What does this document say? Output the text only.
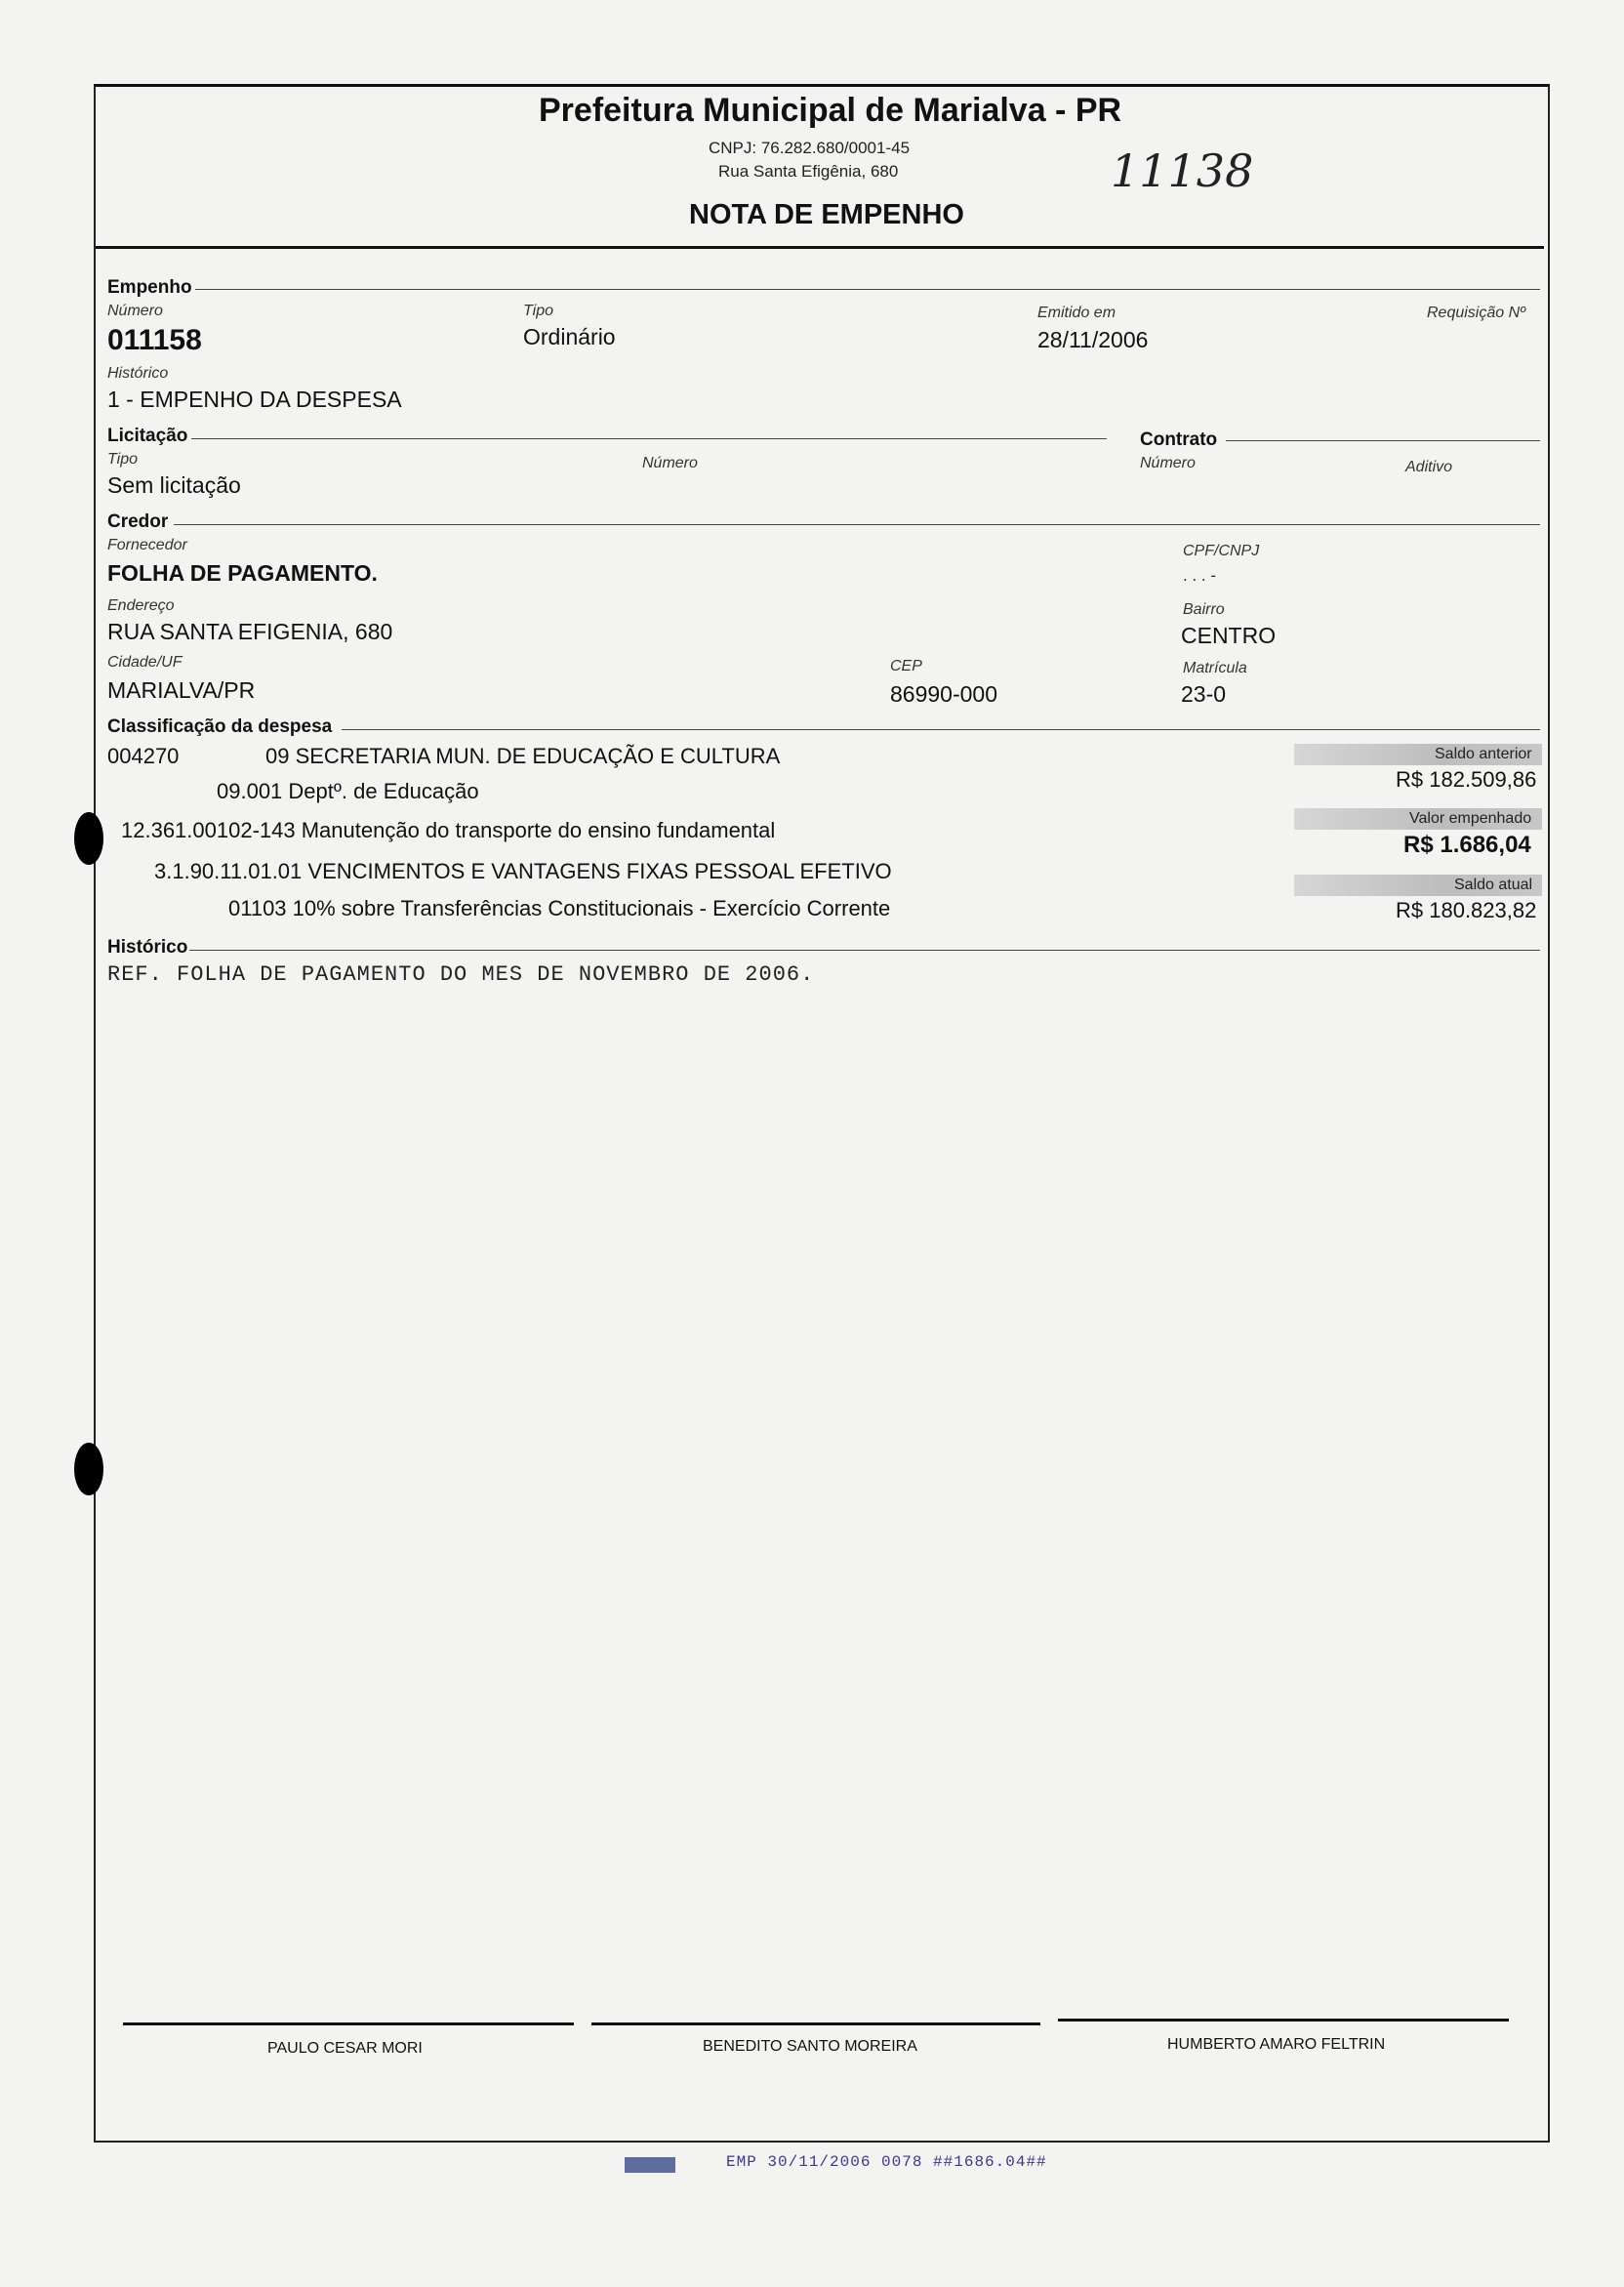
Prefeitura Municipal de Marialva - PR
CNPJ: 76.282.680/0001-45
Rua Santa Efigênia, 680
NOTA DE EMPENHO
11138
Empenho
Número
011158
Tipo
Ordinário
Emitido em
28/11/2006
Requisição Nº
Histórico
1 - EMPENHO DA DESPESA
Licitação	Contrato
Tipo
Sem licitação
Número	Número	Aditivo
Credor
Fornecedor
FOLHA DE PAGAMENTO.
CPF/CNPJ
. . . -
Endereço
RUA SANTA EFIGENIA, 680
Bairro
CENTRO
Cidade/UF
MARIALVA/PR
CEP
86990-000
Matrícula
23-0
Classificação da despesa
004270	09 SECRETARIA MUN. DE EDUCAÇÃO E CULTURA
09.001 Deptº. de Educação
12.361.00102-143 Manutenção do transporte do ensino fundamental
3.1.90.11.01.01 VENCIMENTOS E VANTAGENS FIXAS PESSOAL EFETIVO
01103 10% sobre Transferências Constitucionais - Exercício Corrente
Saldo anterior
R$ 182.509,86
Valor empenhado
R$ 1.686,04
Saldo atual
R$ 180.823,82
Histórico
REF. FOLHA DE PAGAMENTO DO MES DE NOVEMBRO DE 2006.
PAULO CESAR MORI	BENEDITO SANTO MOREIRA	HUMBERTO AMARO FELTRIN
EMP 30/11/2006 0078 ##1686.04##
